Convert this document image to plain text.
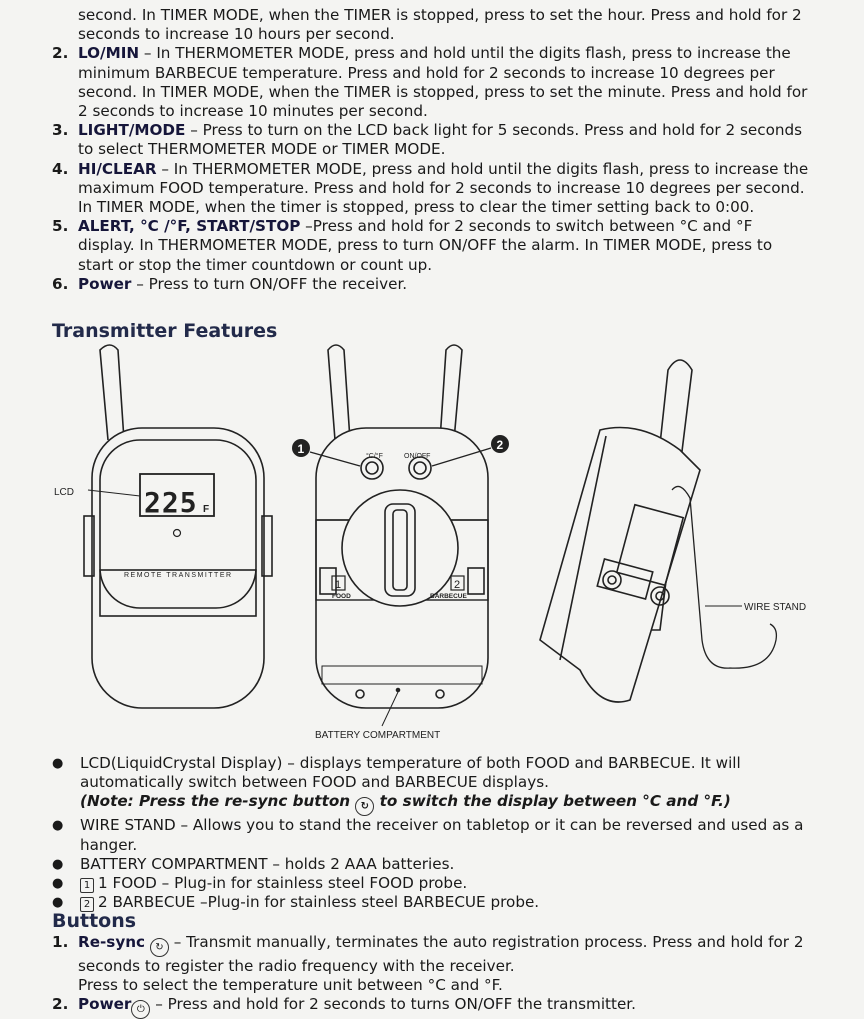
second. In TIMER MODE, when the TIMER is stopped, press to set the hour. Press and hold for 2
seconds to increase 10 hours per second.
2. LO/MIN – In THERMOMETER MODE, press and hold until the digits flash, press to increase the minimum BARBECUE temperature. Press and hold for 2 seconds to increase 10 degrees per second. In TIMER MODE, when the TIMER is stopped, press to set the minute. Press and hold for 2 seconds to increase 10 minutes per second.
3. LIGHT/MODE – Press to turn on the LCD back light for 5 seconds. Press and hold for 2 seconds to select THERMOMETER MODE or TIMER MODE.
4. HI/CLEAR – In THERMOMETER MODE, press and hold until the digits flash, press to increase the maximum FOOD temperature. Press and hold for 2 seconds to increase 10 degrees per second. In TIMER MODE, when the timer is stopped, press to clear the timer setting back to 0:00.
5. ALERT, °C /°F, START/STOP –Press and hold for 2 seconds to switch between °C and °F display. In THERMOMETER MODE, press to turn ON/OFF the alarm. In TIMER MODE, press to start or stop the timer countdown or count up.
6. Power – Press to turn ON/OFF the receiver.
Transmitter Features
LCD 225 F
REMOTE TRANSMITTER
1	2
°C/°F	ON/OFF
1
FOOD
2
BARBECUE
BATTERY COMPARTMENT
WIRE STAND
●	LCD(LiquidCrystal Display) – displays temperature of both FOOD and BARBECUE. It will automatically switch between FOOD and BARBECUE displays.
(Note: Press the re-sync button ↻ to switch the display between °C and °F.)
●	WIRE STAND – Allows you to stand the receiver on tabletop or it can be reversed and used as a hanger.
●	BATTERY COMPARTMENT – holds 2 AAA batteries.
●	1 1 FOOD – Plug-in for stainless steel FOOD probe.
●	2 2 BARBECUE –Plug-in for stainless steel BARBECUE probe.
Buttons
1. Re-sync ↻ – Transmit manually, terminates the auto registration process. Press and hold for 2 seconds to register the radio frequency with the receiver.
Press to select the temperature unit between °C and °F.
2. Power ⏻ – Press and hold for 2 seconds to turns ON/OFF the transmitter.
